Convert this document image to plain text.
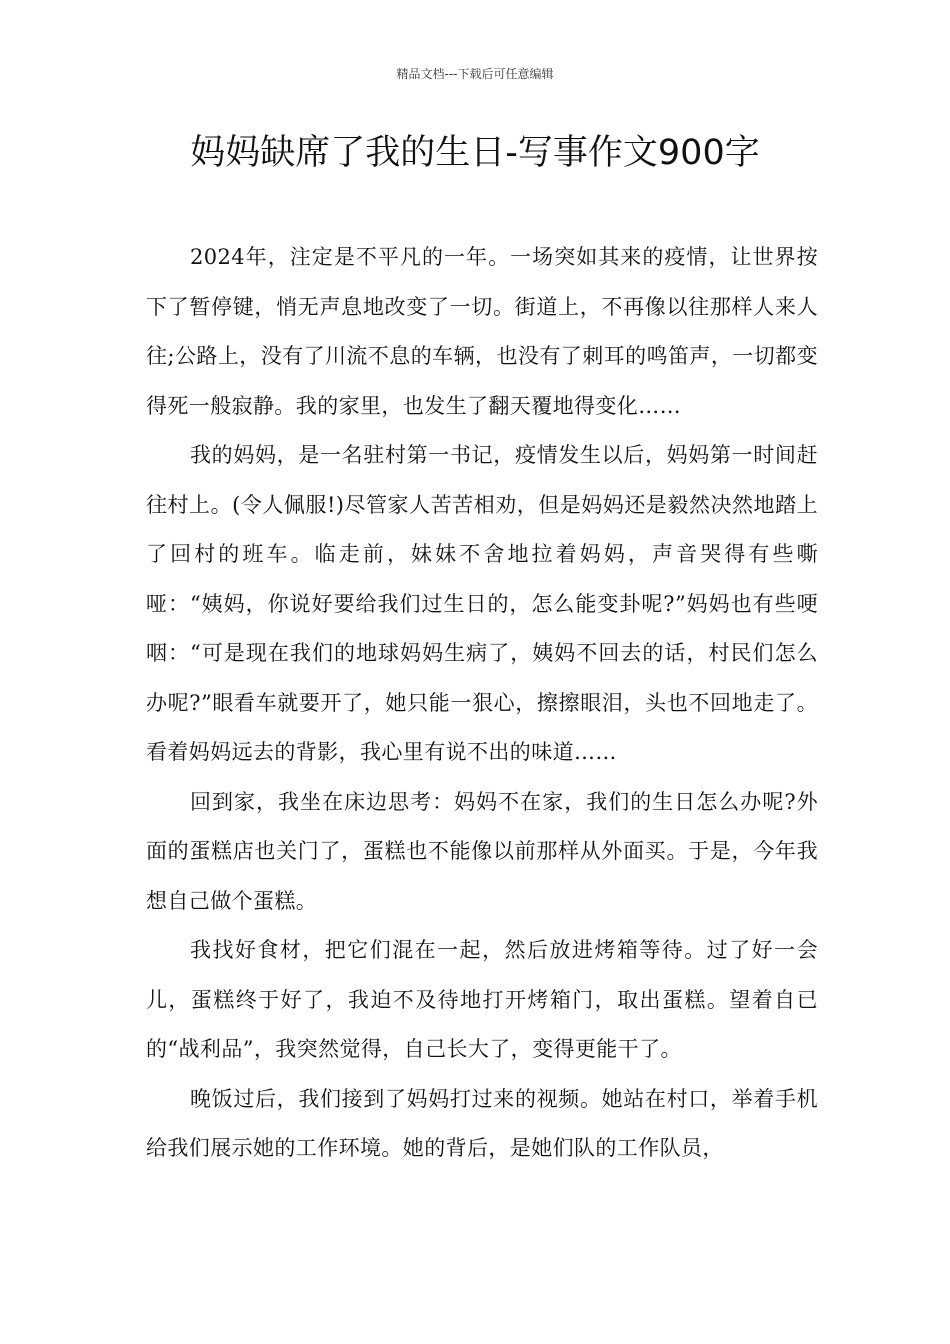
精品文档---下载后可任意编辑
妈妈缺席了我的生日-写事作文900字

2024年，注定是不平凡的一年。一场突如其来的疫情，让世界按下了暂停键，悄无声息地改变了一切。街道上，不再像以往那样人来人往;公路上，没有了川流不息的车辆，也没有了刺耳的鸣笛声，一切都变得死一般寂静。我的家里，也发生了翻天覆地得变化……

我的妈妈，是一名驻村第一书记，疫情发生以后，妈妈第一时间赶往村上。(令人佩服!)尽管家人苦苦相劝，但是妈妈还是毅然决然地踏上了回村的班车。临走前，妹妹不舍地拉着妈妈，声音哭得有些嘶哑：“姨妈，你说好要给我们过生日的，怎么能变卦呢?”妈妈也有些哽咽：“可是现在我们的地球妈妈生病了，姨妈不回去的话，村民们怎么办呢?”眼看车就要开了，她只能一狠心，擦擦眼泪，头也不回地走了。看着妈妈远去的背影，我心里有说不出的味道……

回到家，我坐在床边思考：妈妈不在家，我们的生日怎么办呢?外面的蛋糕店也关门了，蛋糕也不能像以前那样从外面买。于是，今年我想自己做个蛋糕。

我找好食材，把它们混在一起，然后放进烤箱等待。过了好一会儿，蛋糕终于好了，我迫不及待地打开烤箱门，取出蛋糕。望着自已的“战利品”，我突然觉得，自己长大了，变得更能干了。

晚饭过后，我们接到了妈妈打过来的视频。她站在村口，举着手机给我们展示她的工作环境。她的背后，是她们队的工作队员，
